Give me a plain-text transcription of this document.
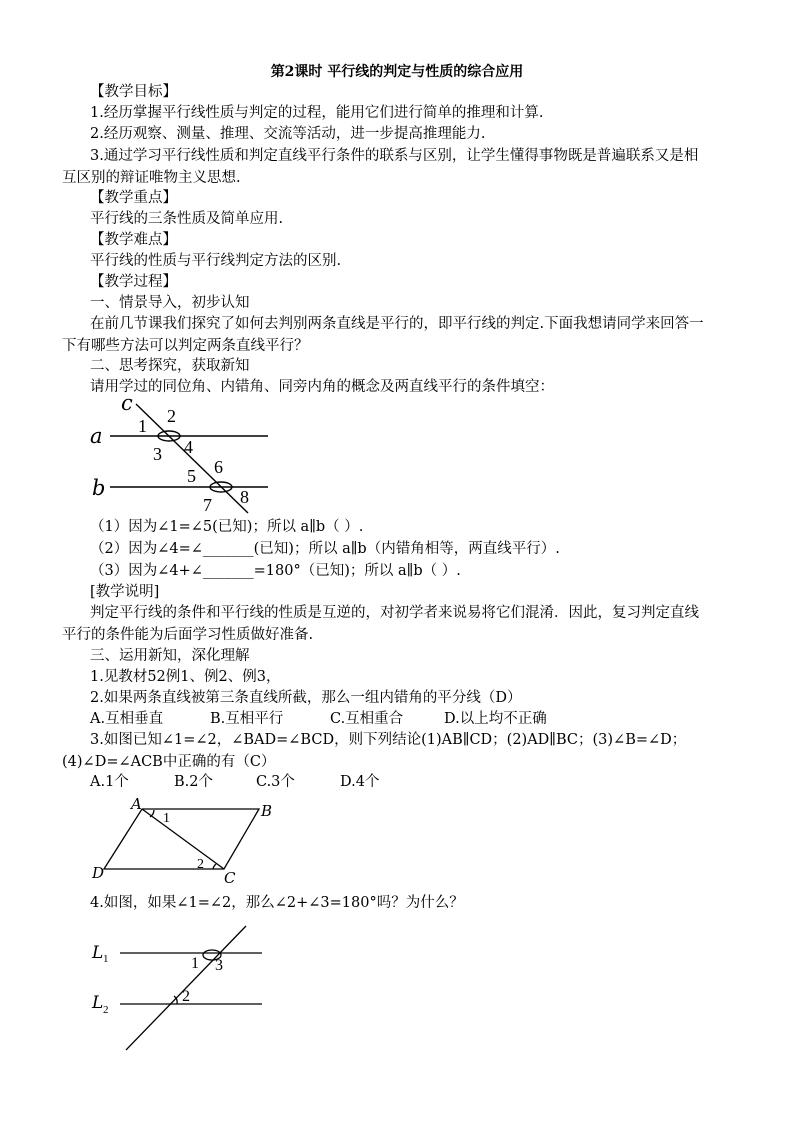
第2课时 平行线的判定与性质的综合应用
【教学目标】
1.经历掌握平行线性质与判定的过程，能用它们进行简单的推理和计算.
2.经历观察、测量、推理、交流等活动，进一步提高推理能力.
3.通过学习平行线性质和判定直线平行条件的联系与区别，让学生懂得事物既是普遍联系又是相互区别的辩证唯物主义思想.
【教学重点】
平行线的三条性质及简单应用.
【教学难点】
平行线的性质与平行线判定方法的区别.
【教学过程】
一、情景导入，初步认知
在前几节课我们探究了如何去判别两条直线是平行的，即平行线的判定.下面我想请同学来回答一下有哪些方法可以判定两条直线平行？
二、思考探究，获取新知
请用学过的同位角、内错角、同旁内角的概念及两直线平行的条件填空：
c
a
b
1 2
3 4
5 6
7 8
（1）因为∠1=∠5(已知)；所以 a∥b（ ）.
（2）因为∠4=∠_______(已知)；所以 a∥b（内错角相等，两直线平行）.
（3）因为∠4+∠_______=180°（已知)；所以 a∥b（ ）.
[教学说明]
判定平行线的条件和平行线的性质是互逆的，对初学者来说易将它们混淆．因此，复习判定直线平行的条件能为后面学习性质做好准备.
三、运用新知，深化理解
1.见教材52例1、例2、例3，
2.如果两条直线被第三条直线所截，那么一组内错角的平分线（D）
A.互相垂直	B.互相平行	C.互相重合	D.以上均不正确
3.如图已知∠1=∠2，∠BAD=∠BCD，则下列结论(1)AB∥CD；(2)AD∥BC；(3)∠B=∠D；(4)∠D=∠ACB中正确的有（C）
A.1个	B.2个	C.3个	D.4个
A	B
C
D
1
2
4.如图，如果∠1=∠2，那么∠2+∠3=180°吗？为什么？
L
L
1
2
1 3
2
